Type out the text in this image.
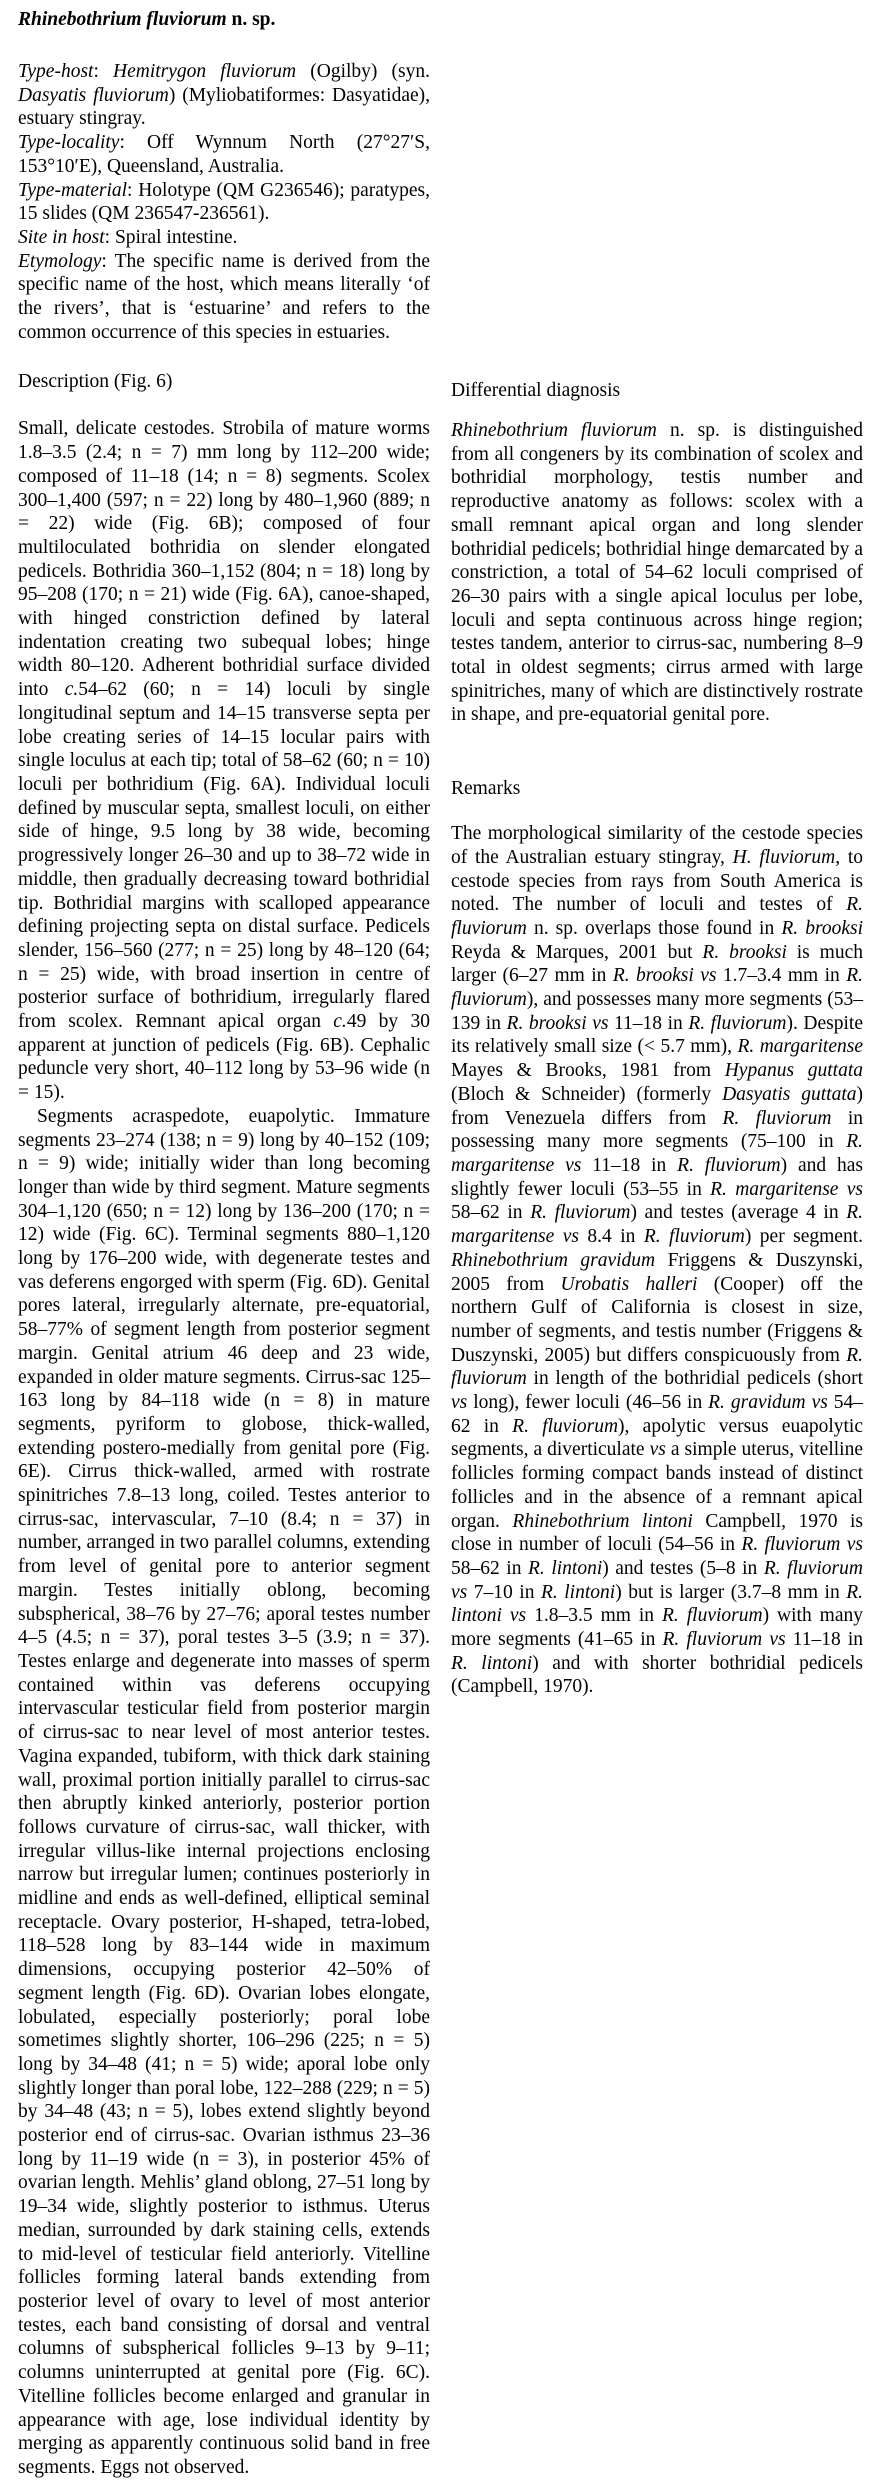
Rhinebothrium fluviorum n. sp.

Type-host: Hemitrygon fluviorum (Ogilby) (syn. Dasyatis fluviorum) (Myliobatiformes: Dasyatidae), estuary stingray.

Type-locality: Off Wynnum North (27°27′S, 153°10′E), Queensland, Australia.

Type-material: Holotype (QM G236546); paratypes, 15 slides (QM 236547-236561).

Site in host: Spiral intestine.

Etymology: The specific name is derived from the specific name of the host, which means literally ‘of the rivers’, that is ‘estuarine’ and refers to the common occurrence of this species in estuaries.

Description (Fig. 6)

Small, delicate cestodes. Strobila of mature worms 1.8–3.5 (2.4; n = 7) mm long by 112–200 wide; composed of 11–18 (14; n = 8) segments. Scolex 300–1,400 (597; n = 22) long by 480–1,960 (889; n = 22) wide (Fig. 6B); composed of four multiloculated bothridia on slender elongated pedicels. Bothridia 360–1,152 (804; n = 18) long by 95–208 (170; n = 21) wide (Fig. 6A), canoe-shaped, with hinged constriction defined by lateral indentation creating two subequal lobes; hinge width 80–120. Adherent bothridial surface divided into c.54–62 (60; n = 14) loculi by single longitudinal septum and 14–15 transverse septa per lobe creating series of 14–15 locular pairs with single loculus at each tip; total of 58–62 (60; n = 10) loculi per bothridium (Fig. 6A). Individual loculi defined by muscular septa, smallest loculi, on either side of hinge, 9.5 long by 38 wide, becoming progressively longer 26–30 and up to 38–72 wide in middle, then gradually decreasing toward bothridial tip. Bothridial margins with scalloped appearance defining projecting septa on distal surface. Pedicels slender, 156–560 (277; n = 25) long by 48–120 (64; n = 25) wide, with broad insertion in centre of posterior surface of bothridium, irregularly flared from scolex. Remnant apical organ c.49 by 30 apparent at junction of pedicels (Fig. 6B). Cephalic peduncle very short, 40–112 long by 53–96 wide (n = 15).

Segments acraspedote, euapolytic. Immature segments 23–274 (138; n = 9) long by 40–152 (109; n = 9) wide; initially wider than long becoming longer than wide by third segment. Mature segments 304–1,120 (650; n = 12) long by 136–200 (170; n = 12) wide (Fig. 6C). Terminal segments 880–1,120 long by 176–200 wide, with degenerate testes and vas deferens engorged with sperm (Fig. 6D). Genital pores lateral, irregularly alternate, pre-equatorial, 58–77% of segment length from posterior segment margin. Genital atrium 46 deep and 23 wide, expanded in older mature segments. Cirrus-sac 125–163 long by 84–118 wide (n = 8) in mature segments, pyriform to globose, thick-walled, extending postero-medially from genital pore (Fig. 6E). Cirrus thick-walled, armed with rostrate spinitriches 7.8–13 long, coiled. Testes anterior to cirrus-sac, intervascular, 7–10 (8.4; n = 37) in number, arranged in two parallel columns, extending from level of genital pore to anterior segment margin. Testes initially oblong, becoming subspherical, 38–76 by 27–76; aporal testes number 4–5 (4.5; n = 37), poral testes 3–5 (3.9; n = 37). Testes enlarge and degenerate into masses of sperm contained within vas deferens occupying intervascular testicular field from posterior margin of cirrus-sac to near level of most anterior testes. Vagina expanded, tubiform, with thick dark staining wall, proximal portion initially parallel to cirrus-sac then abruptly kinked anteriorly, posterior portion follows curvature of cirrus-sac, wall thicker, with irregular villus-like internal projections enclosing narrow but irregular lumen; continues posteriorly in midline and ends as well-defined, elliptical seminal receptacle. Ovary posterior, H-shaped, tetra-lobed, 118–528 long by 83–144 wide in maximum dimensions, occupying posterior 42–50% of segment length (Fig. 6D). Ovarian lobes elongate, lobulated, especially posteriorly; poral lobe sometimes slightly shorter, 106–296 (225; n = 5) long by 34–48 (41; n = 5) wide; aporal lobe only slightly longer than poral lobe, 122–288 (229; n = 5) by 34–48 (43; n = 5), lobes extend slightly beyond posterior end of cirrus-sac. Ovarian isthmus 23–36 long by 11–19 wide (n = 3), in posterior 45% of ovarian length. Mehlis’ gland oblong, 27–51 long by 19–34 wide, slightly posterior to isthmus. Uterus median, surrounded by dark staining cells, extends to mid-level of testicular field anteriorly. Vitelline follicles forming lateral bands extending from posterior level of ovary to level of most anterior testes, each band consisting of dorsal and ventral columns of subspherical follicles 9–13 by 9–11; columns uninterrupted at genital pore (Fig. 6C). Vitelline follicles become enlarged and granular in appearance with age, lose individual identity by merging as apparently continuous solid band in free segments. Eggs not observed.

Differential diagnosis

Rhinebothrium fluviorum n. sp. is distinguished from all congeners by its combination of scolex and bothridial morphology, testis number and reproductive anatomy as follows: scolex with a small remnant apical organ and long slender bothridial pedicels; bothridial hinge demarcated by a constriction, a total of 54–62 loculi comprised of 26–30 pairs with a single apical loculus per lobe, loculi and septa continuous across hinge region; testes tandem, anterior to cirrus-sac, numbering 8–9 total in oldest segments; cirrus armed with large spinitriches, many of which are distinctively rostrate in shape, and pre-equatorial genital pore.

Remarks

The morphological similarity of the cestode species of the Australian estuary stingray, H. fluviorum, to cestode species from rays from South America is noted. The number of loculi and testes of R. fluviorum n. sp. overlaps those found in R. brooksi Reyda & Marques, 2001 but R. brooksi is much larger (6–27 mm in R. brooksi vs 1.7–3.4 mm in R. fluviorum), and possesses many more segments (53–139 in R. brooksi vs 11–18 in R. fluviorum). Despite its relatively small size (< 5.7 mm), R. margaritense Mayes & Brooks, 1981 from Hypanus guttata (Bloch & Schneider) (formerly Dasyatis guttata) from Venezuela differs from R. fluviorum in possessing many more segments (75–100 in R. margaritense vs 11–18 in R. fluviorum) and has slightly fewer loculi (53–55 in R. margaritense vs 58–62 in R. fluviorum) and testes (average 4 in R. margaritense vs 8.4 in R. fluviorum) per segment. Rhinebothrium gravidum Friggens & Duszynski, 2005 from Urobatis halleri (Cooper) off the northern Gulf of California is closest in size, number of segments, and testis number (Friggens & Duszynski, 2005) but differs conspicuously from R. fluviorum in length of the bothridial pedicels (short vs long), fewer loculi (46–56 in R. gravidum vs 54–62 in R. fluviorum), apolytic versus euapolytic segments, a diverticulate vs a simple uterus, vitelline follicles forming compact bands instead of distinct follicles and in the absence of a remnant apical organ. Rhinebothrium lintoni Campbell, 1970 is close in number of loculi (54–56 in R. fluviorum vs 58–62 in R. lintoni) and testes (5–8 in R. fluviorum vs 7–10 in R. lintoni) but is larger (3.7–8 mm in R. lintoni vs 1.8–3.5 mm in R. fluviorum) with many more segments (41–65 in R. fluviorum vs 11–18 in R. lintoni) and with shorter bothridial pedicels (Campbell, 1970).
